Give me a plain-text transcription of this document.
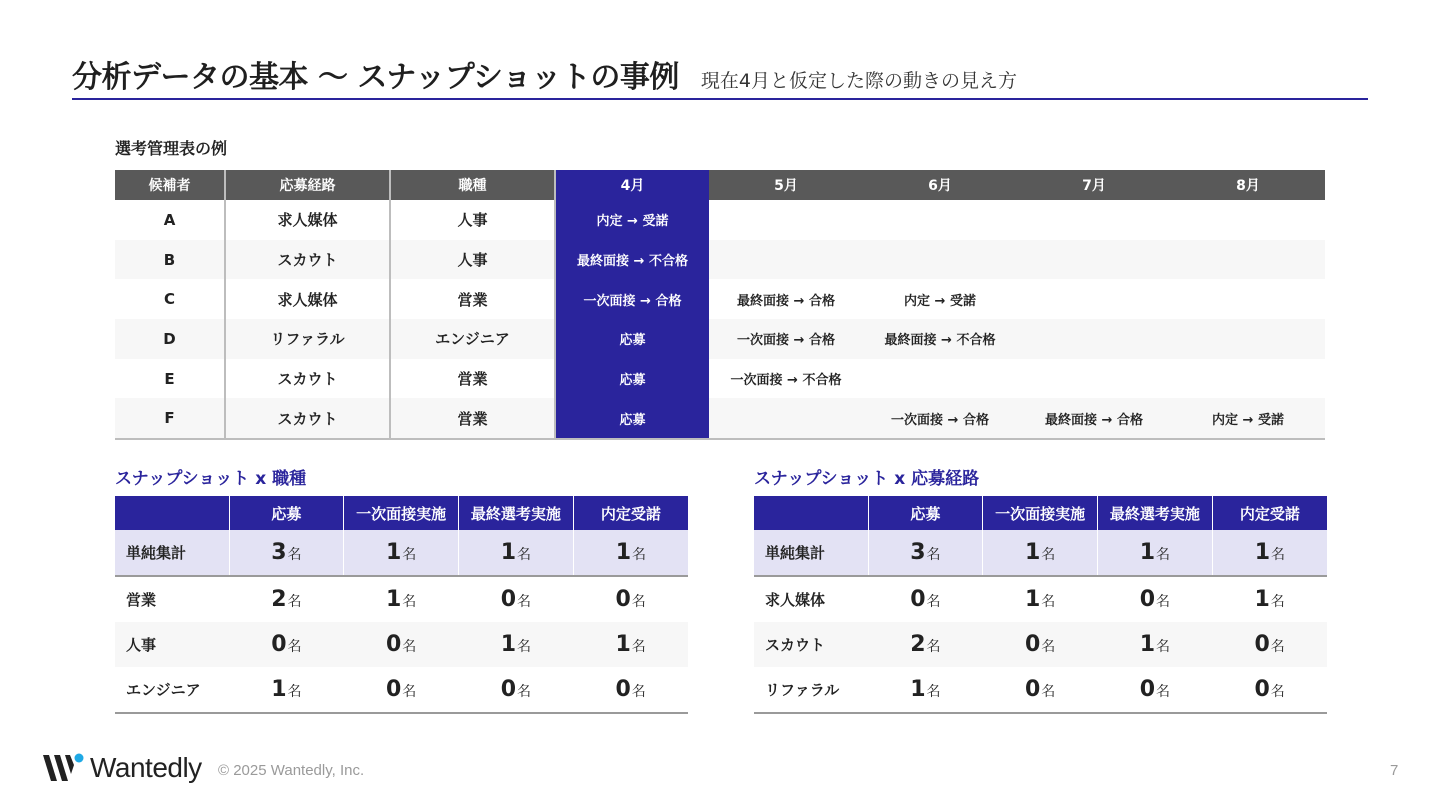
分析データの基本 〜 スナップショットの事例 現在4月と仮定した際の動きの見え方
選考管理表の例
候補者	応募経路	職種	4月	5月	6月	7月	8月
A	求人媒体	人事	内定 → 受諾				
B	スカウト	人事	最終面接 → 不合格				
C	求人媒体	営業	一次面接 → 合格	最終面接 → 合格	内定 → 受諾		
D	リファラル	エンジニア	応募	一次面接 → 合格	最終面接 → 不合格		
E	スカウト	営業	応募	一次面接 → 不合格			
F	スカウト	営業	応募		一次面接 → 合格	最終面接 → 合格	内定 → 受諾
スナップショット x 職種
	応募	一次面接実施	最終選考実施	内定受諾
単純集計	3名	1名	1名	1名
営業	2名	1名	0名	0名
人事	0名	0名	1名	1名
エンジニア	1名	0名	0名	0名
スナップショット x 応募経路
	応募	一次面接実施	最終選考実施	内定受諾
単純集計	3名	1名	1名	1名
求人媒体	0名	1名	0名	1名
スカウト	2名	0名	1名	0名
リファラル	1名	0名	0名	0名
Wantedly © 2025 Wantedly, Inc.	7
